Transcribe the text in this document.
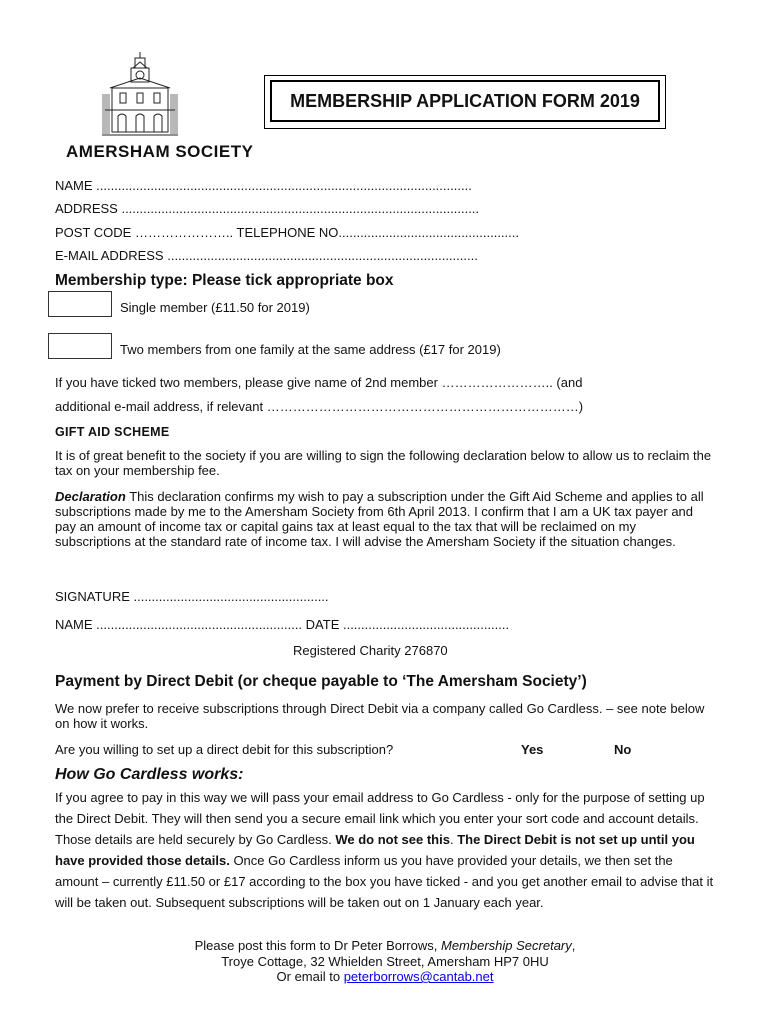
AMERSHAM SOCIETY
MEMBERSHIP APPLICATION FORM 2019
NAME ........................................................................................................
ADDRESS ...................................................................................................
POST CODE ………………….. TELEPHONE NO..................................................
E-MAIL ADDRESS ......................................................................................
Membership type: Please tick appropriate box
Single member (£11.50 for 2019)
Two members from one family at the same address (£17 for 2019)
If you have ticked two members, please give name of 2nd member …………………….. (and
additional e-mail address, if relevant ………………………………………………………………)
GIFT AID SCHEME
It is of great benefit to the society if you are willing to sign the following declaration below to allow us to reclaim the tax on your membership fee.
Declaration This declaration confirms my wish to pay a subscription under the Gift Aid Scheme and applies to all subscriptions made by me to the Amersham Society from 6th April 2013. I confirm that I am a UK tax payer and pay an amount of income tax or capital gains tax at least equal to the tax that will be reclaimed on my subscriptions at the standard rate of income tax. I will advise the Amersham Society if the situation changes.
SIGNATURE ......................................................
NAME ......................................................... DATE ..............................................
Registered Charity 276870
Payment by Direct Debit (or cheque payable to ‘The Amersham Society’)
We now prefer to receive subscriptions through Direct Debit via a company called Go Cardless. – see note below on how it works.
Are you willing to set up a direct debit for this subscription?	Yes	No
How Go Cardless works:
If you agree to pay in this way we will pass your email address to Go Cardless - only for the purpose of setting up the Direct Debit. They will then send you a secure email link which you enter your sort code and account details. Those details are held securely by Go Cardless. We do not see this. The Direct Debit is not set up until you have provided those details. Once Go Cardless inform us you have provided your details, we then set the amount – currently £11.50 or £17 according to the box you have ticked - and you get another email to advise that it will be taken out. Subsequent subscriptions will be taken out on 1 January each year.
Please post this form to Dr Peter Borrows, Membership Secretary,
Troye Cottage, 32 Whielden Street, Amersham HP7 0HU
Or email to peterborrows@cantab.net
